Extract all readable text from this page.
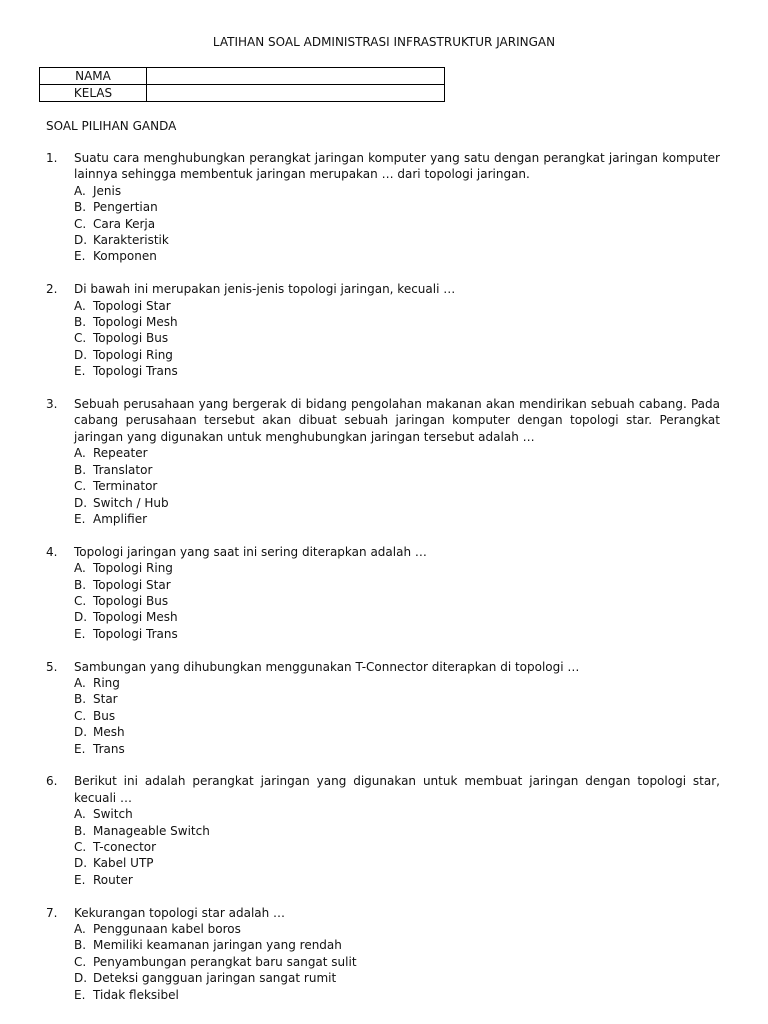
LATIHAN SOAL ADMINISTRASI INFRASTRUKTUR JARINGAN
NAMA	
KELAS	
SOAL PILIHAN GANDA
1.	Suatu cara menghubungkan perangkat jaringan komputer yang satu dengan perangkat jaringan komputer lainnya sehingga membentuk jaringan merupakan … dari topologi jaringan.
A. Jenis
B. Pengertian
C. Cara Kerja
D. Karakteristik
E. Komponen
2.	Di bawah ini merupakan jenis-jenis topologi jaringan, kecuali …
A. Topologi Star
B. Topologi Mesh
C. Topologi Bus
D. Topologi Ring
E. Topologi Trans
3.	Sebuah perusahaan yang bergerak di bidang pengolahan makanan akan mendirikan sebuah cabang. Pada cabang perusahaan tersebut akan dibuat sebuah jaringan komputer dengan topologi star. Perangkat jaringan yang digunakan untuk menghubungkan jaringan tersebut adalah …
A. Repeater
B. Translator
C. Terminator
D. Switch / Hub
E. Amplifier
4.	Topologi jaringan yang saat ini sering diterapkan adalah …
A. Topologi Ring
B. Topologi Star
C. Topologi Bus
D. Topologi Mesh
E. Topologi Trans
5.	Sambungan yang dihubungkan menggunakan T-Connector diterapkan di topologi …
A. Ring
B. Star
C. Bus
D. Mesh
E. Trans
6.	Berikut ini adalah perangkat jaringan yang digunakan untuk membuat jaringan dengan topologi star, kecuali …
A. Switch
B. Manageable Switch
C. T-conector
D. Kabel UTP
E. Router
7.	Kekurangan topologi star adalah …
A. Penggunaan kabel boros
B. Memiliki keamanan jaringan yang rendah
C. Penyambungan perangkat baru sangat sulit
D. Deteksi gangguan jaringan sangat rumit
E. Tidak fleksibel
